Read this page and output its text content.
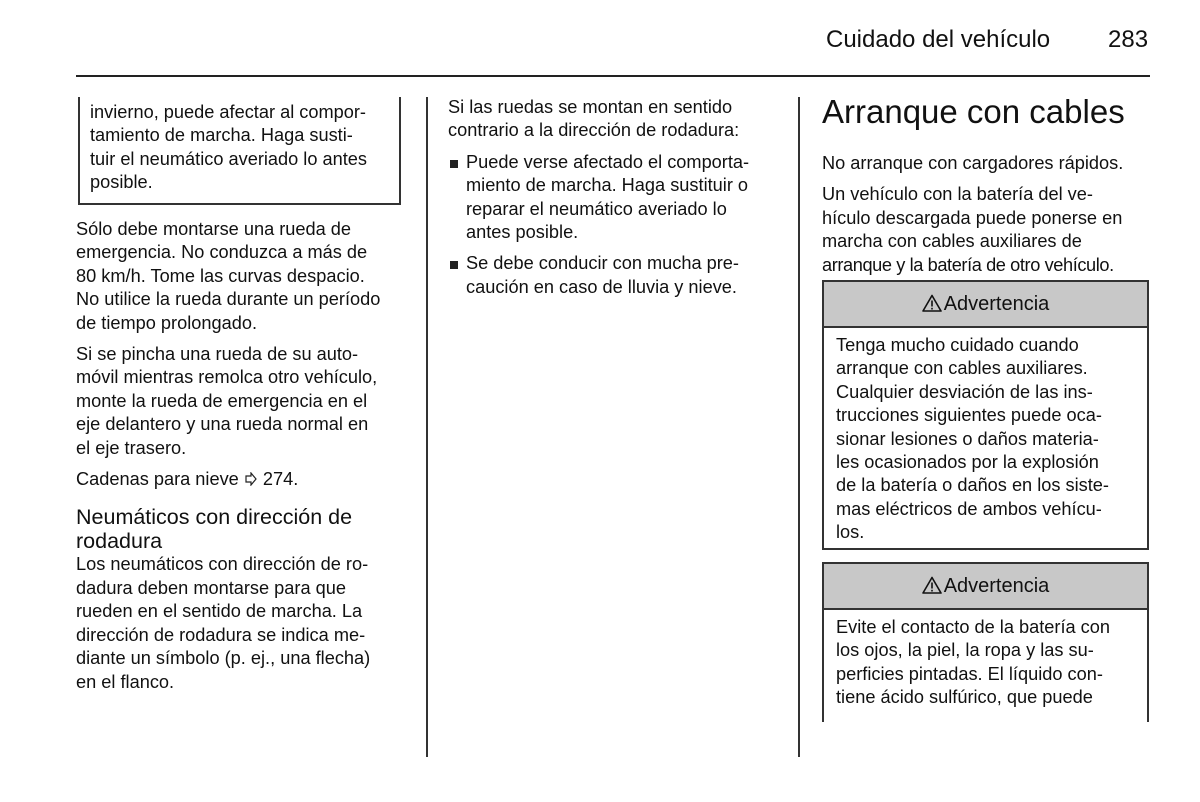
Cuidado del vehículo 283
invierno, puede afectar al compor-
tamiento de marcha. Haga susti-
tuir el neumático averiado lo antes
posible.

Sólo debe montarse una rueda de
emergencia. No conduzca a más de
80 km/h. Tome las curvas despacio.
No utilice la rueda durante un período
de tiempo prolongado.

Si se pincha una rueda de su auto-
móvil mientras remolca otro vehículo,
monte la rueda de emergencia en el
eje delantero y una rueda normal en
el eje trasero.

Cadenas para nieve 274.

Neumáticos con dirección de
rodadura

Los neumáticos con dirección de ro-
dadura deben montarse para que
rueden en el sentido de marcha. La
dirección de rodadura se indica me-
diante un símbolo (p. ej., una flecha)
en el flanco.

Si las ruedas se montan en sentido
contrario a la dirección de rodadura:

Puede verse afectado el comporta-
miento de marcha. Haga sustituir o
reparar el neumático averiado lo
antes posible.
Se debe conducir con mucha pre-
caución en caso de lluvia y nieve.
Arranque con cables

No arranque con cargadores rápidos.

Un vehículo con la batería del ve-
hículo descargada puede ponerse en
marcha con cables auxiliares de
arranque y la batería de otro vehículo.

Advertencia
Tenga mucho cuidado cuando
arranque con cables auxiliares.
Cualquier desviación de las ins-
trucciones siguientes puede oca-
sionar lesiones o daños materia-
les ocasionados por la explosión
de la batería o daños en los siste-
mas eléctricos de ambos vehícu-
los.
Advertencia
Evite el contacto de la batería con
los ojos, la piel, la ropa y las su-
perficies pintadas. El líquido con-
tiene ácido sulfúrico, que puede
